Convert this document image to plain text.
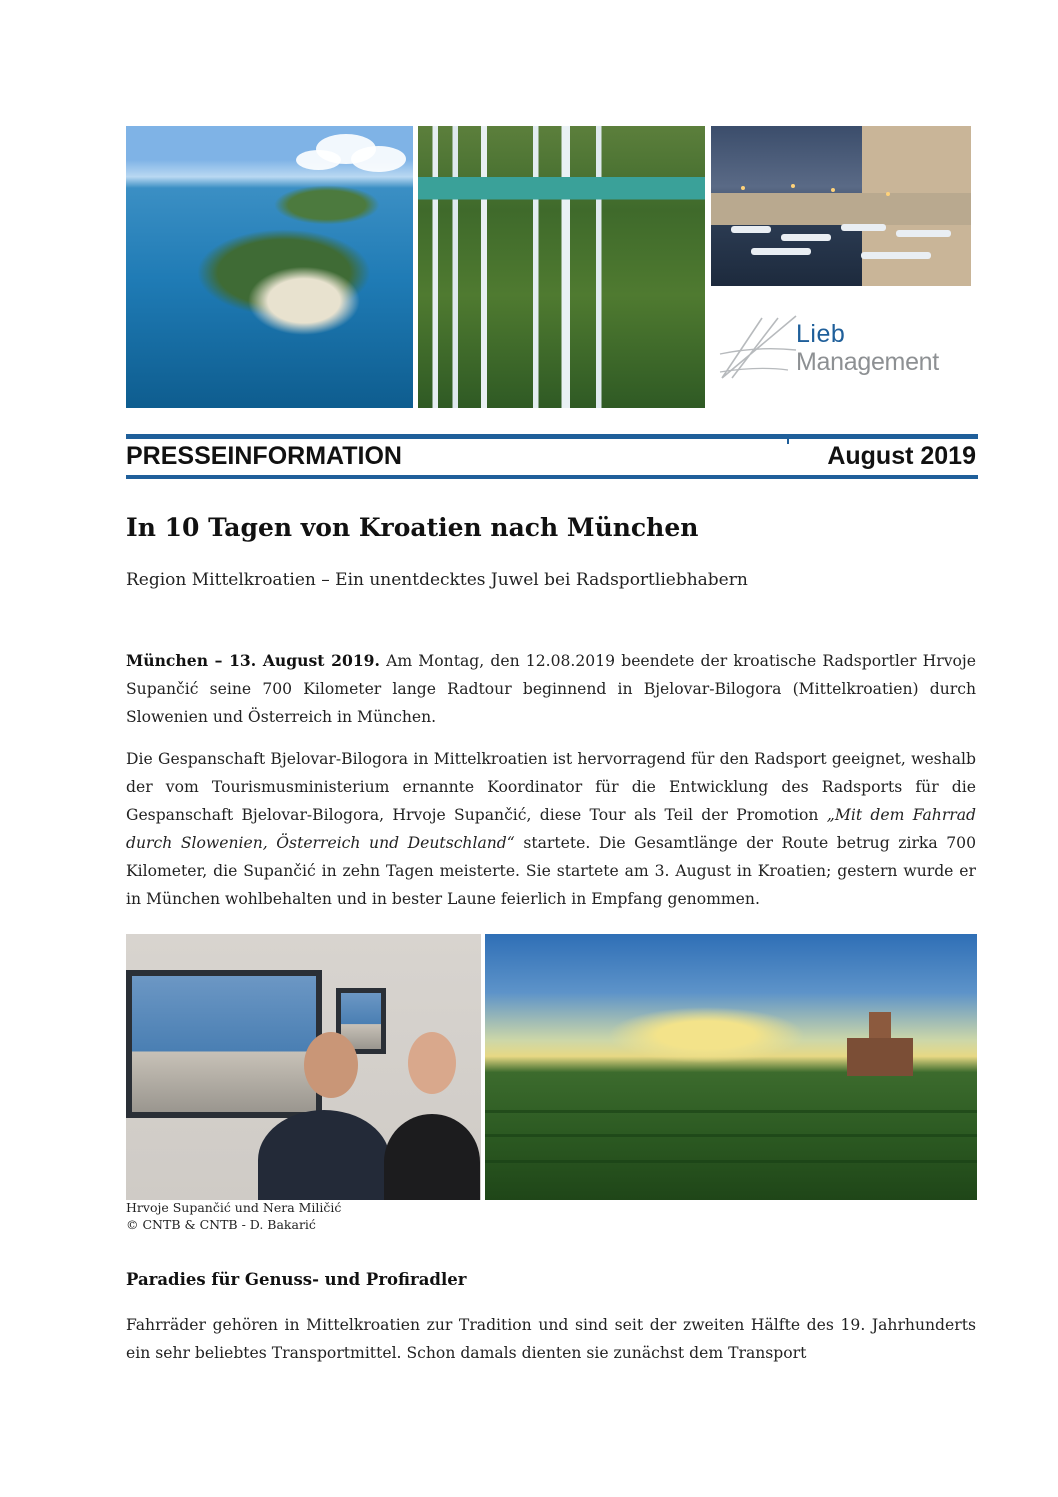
Lieb
Management
PRESSEINFORMATION	August 2019
In 10 Tagen von Kroatien nach München
Region Mittelkroatien – Ein unentdecktes Juwel bei Radsportliebhabern
München – 13. August 2019. Am Montag, den 12.08.2019 beendete der kroatische Radsportler Hrvoje Supančić seine 700 Kilometer lange Radtour beginnend in Bjelovar-Bilogora (Mittelkroatien) durch Slowenien und Österreich in München.
Die Gespanschaft Bjelovar-Bilogora in Mittelkroatien ist hervorragend für den Radsport geeignet, weshalb der vom Tourismusministerium ernannte Koordinator für die Entwicklung des Radsports für die Gespanschaft Bjelovar-Bilogora, Hrvoje Supančić, diese Tour als Teil der Promotion „Mit dem Fahrrad durch Slowenien, Österreich und Deutschland“ startete. Die Gesamtlänge der Route betrug zirka 700 Kilometer, die Supančić in zehn Tagen meisterte. Sie startete am 3. August in Kroatien; gestern wurde er in München wohlbehalten und in bester Laune feierlich in Empfang genommen.
Hrvoje Supančić und Nera Miličić
© CNTB & CNTB - D. Bakarić
Paradies für Genuss- und Profiradler
Fahrräder gehören in Mittelkroatien zur Tradition und sind seit der zweiten Hälfte des 19. Jahrhunderts ein sehr beliebtes Transportmittel. Schon damals dienten sie zunächst dem Transport
